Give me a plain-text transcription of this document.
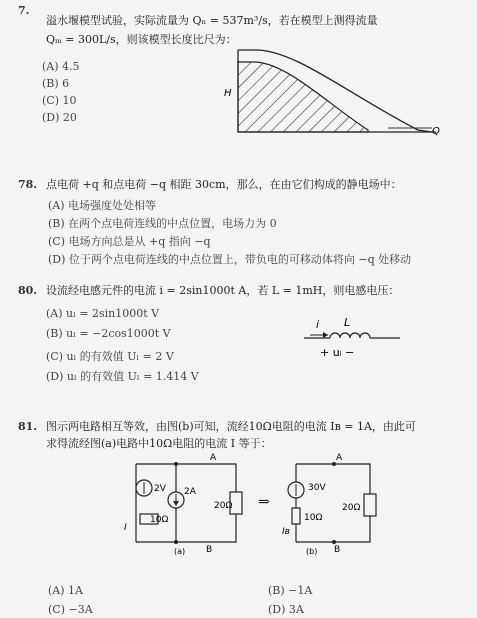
7.
溢水堰模型试验，实际流量为 Qₙ = 537m³/s，若在模型上测得流量
Qₘ = 300L/s，则该模型长度比尺为：
(A) 4.5
(B) 6
(C) 10
(D) 20
H
Q
78. 点电荷 +q 和点电荷 −q 相距 30cm，那么，在由它们构成的静电场中：
(A) 电场强度处处相等
(B) 在两个点电荷连线的中点位置，电场力为 0
(C) 电场方向总是从 +q 指向 −q
(D) 位于两个点电荷连线的中点位置上，带负电的可移动体将向 −q 处移动
80. 设流经电感元件的电流 i = 2sin1000t A，若 L = 1mH，则电感电压：
(A) uₗ = 2sin1000t V
(B) uₗ = −2cos1000t V
(C) uₗ 的有效值 Uₗ = 2 V
(D) uₗ 的有效值 Uₗ = 1.414 V
i L
+ uₗ −
81. 图示两电路相互等效，由图(b)可知，流经10Ω电阻的电流 Iʙ = 1A，由此可
求得流经图(a)电路中10Ω电阻的电流 I 等于：
2V 2A
20Ω
10Ω
I
A
B
(a)
⇒
30V
10Ω
20Ω
Iʙ
A
B
(b)
(A) 1A	(B) −1A
(C) −3A	(D) 3A
